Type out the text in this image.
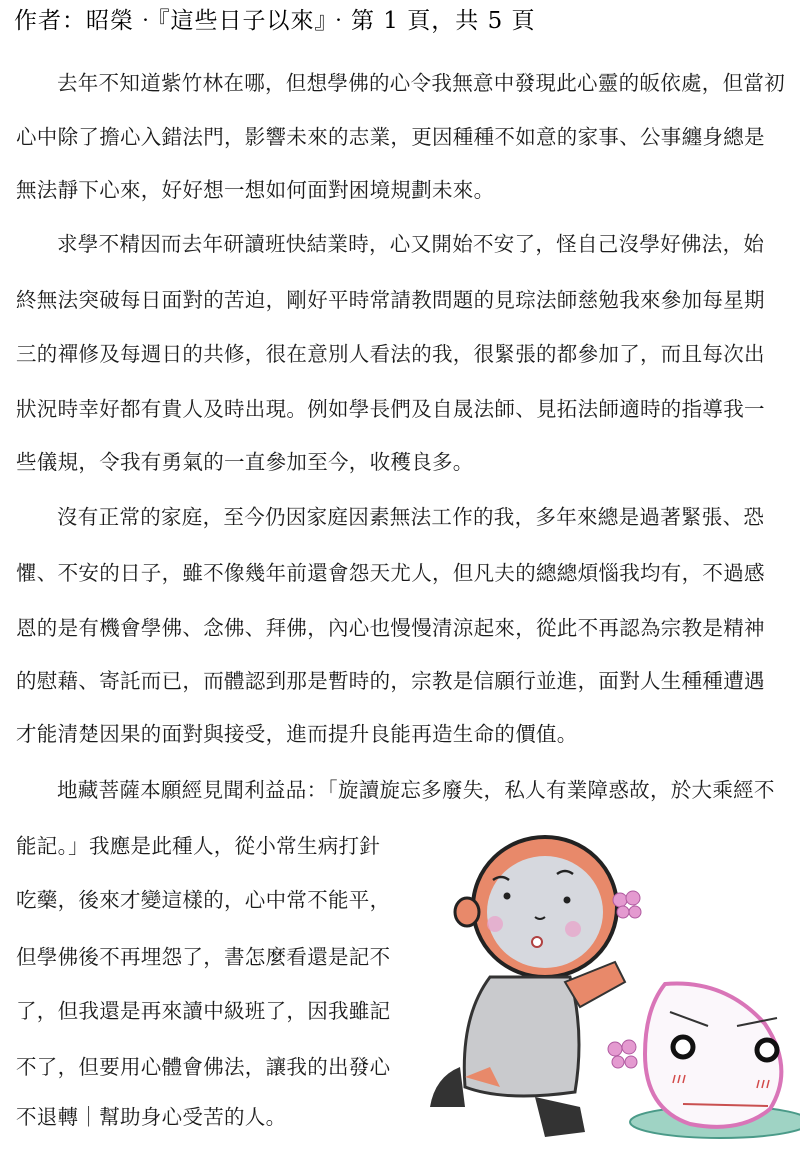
作者：昭榮‧『這些日子以來』‧第 1 頁，共 5 頁
去年不知道紫竹林在哪，但想學佛的心令我無意中發現此心靈的皈依處，但當初
心中除了擔心入錯法門，影響未來的志業，更因種種不如意的家事、公事纏身總是
無法靜下心來，好好想一想如何面對困境規劃未來。
求學不精因而去年研讀班快結業時，心又開始不安了，怪自己沒學好佛法，始
終無法突破每日面對的苦迫，剛好平時常請教問題的見琮法師慈勉我來參加每星期
三的禪修及每週日的共修，很在意別人看法的我，很緊張的都參加了，而且每次出
狀況時幸好都有貴人及時出現。例如學長們及自晟法師、見拓法師適時的指導我一
些儀規，令我有勇氣的一直參加至今，收穫良多。
沒有正常的家庭，至今仍因家庭因素無法工作的我，多年來總是過著緊張、恐
懼、不安的日子，雖不像幾年前還會怨天尤人，但凡夫的總總煩惱我均有，不過感
恩的是有機會學佛、念佛、拜佛，內心也慢慢清涼起來，從此不再認為宗教是精神
的慰藉、寄託而已，而體認到那是暫時的，宗教是信願行並進，面對人生種種遭遇
才能清楚因果的面對與接受，進而提升良能再造生命的價值。
地藏菩薩本願經見聞利益品：「旋讀旋忘多廢失，私人有業障惑故，於大乘經不
能記。」我應是此種人，從小常生病打針
吃藥，後來才變這樣的，心中常不能平，
但學佛後不再埋怨了，書怎麼看還是記不
了，但我還是再來讀中級班了，因我雖記
不了，但要用心體會佛法，讓我的出發心
不退轉｜幫助身心受苦的人。
